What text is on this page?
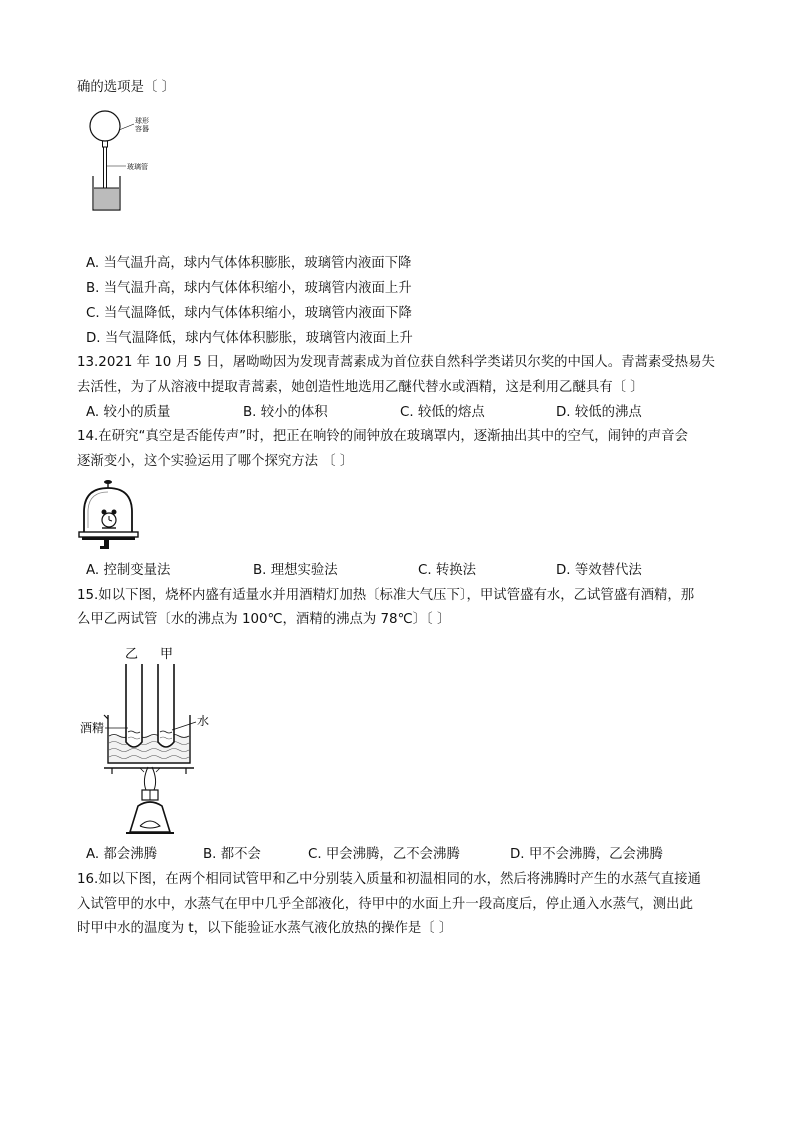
确的选项是〔 〕
球形
容器
玻璃管
A. 当气温升高，球内气体体积膨胀，玻璃管内液面下降
B. 当气温升高，球内气体体积缩小，玻璃管内液面上升
C. 当气温降低，球内气体体积缩小，玻璃管内液面下降
D. 当气温降低，球内气体体积膨胀，玻璃管内液面上升
13.2021 年 10 月 5 日，屠呦呦因为发现青蒿素成为首位获自然科学类诺贝尔奖的中国人。青蒿素受热易失
去活性，为了从溶液中提取青蒿素，她创造性地选用乙醚代替水或酒精，这是利用乙醚具有〔 〕
A. 较小的质量	B. 较小的体积	C. 较低的熔点	D. 较低的沸点
14.在研究“真空是否能传声”时，把正在响铃的闹钟放在玻璃罩内，逐渐抽出其中的空气，闹钟的声音会
逐渐变小，这个实验运用了哪个探究方法 〔 〕
A. 控制变量法	B. 理想实验法	C. 转换法	D. 等效替代法
15.如以下图，烧杯内盛有适量水并用酒精灯加热〔标准大气压下〕，甲试管盛有水，乙试管盛有酒精，那
么甲乙两试管〔水的沸点为 100℃，酒精的沸点为 78℃〕〔 〕
乙 甲
酒精	水
A. 都会沸腾	B. 都不会	C. 甲会沸腾，乙不会沸腾	D. 甲不会沸腾，乙会沸腾
16.如以下图，在两个相同试管甲和乙中分别装入质量和初温相同的水，然后将沸腾时产生的水蒸气直接通
入试管甲的水中，水蒸气在甲中几乎全部液化，待甲中的水面上升一段高度后，停止通入水蒸气，测出此
时甲中水的温度为 t，以下能验证水蒸气液化放热的操作是〔 〕
